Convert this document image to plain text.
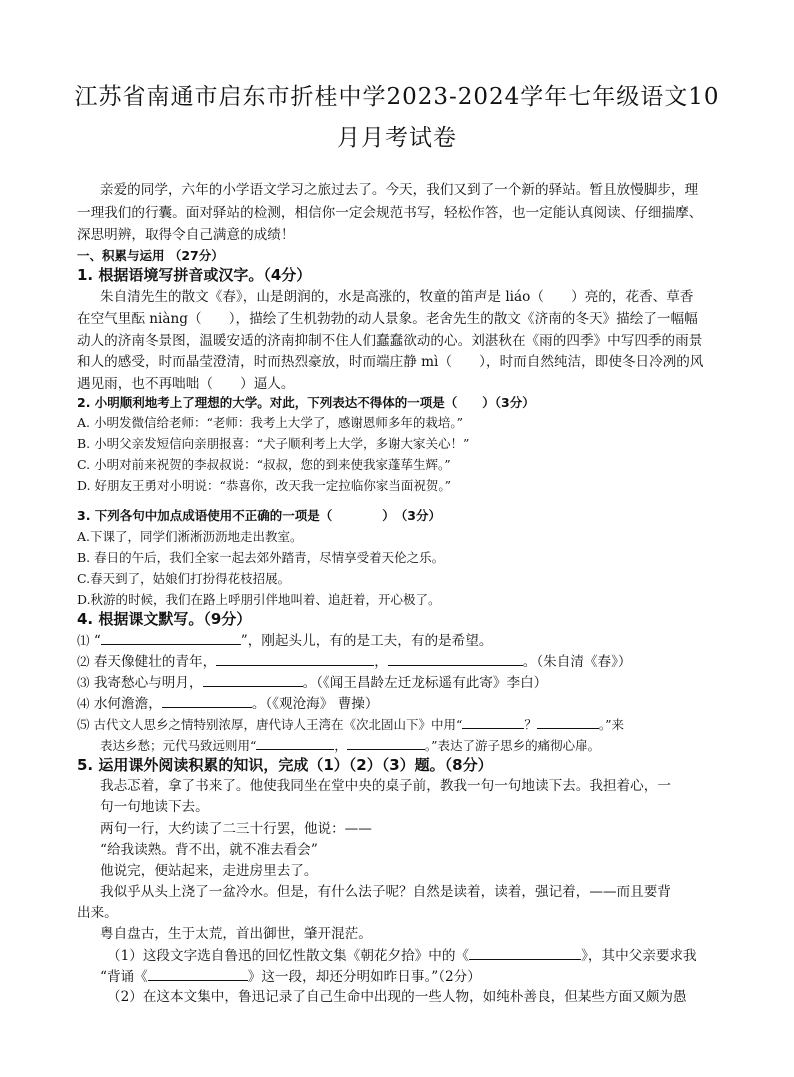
江苏省南通市启东市折桂中学2023-2024学年七年级语文10
月月考试卷
亲爱的同学，六年的小学语文学习之旅过去了。今天，我们又到了一个新的驿站。暂且放慢脚步，理
一理我们的行囊。面对驿站的检测，相信你一定会规范书写，轻松作答，也一定能认真阅读、仔细揣摩、
深思明辨，取得令自己满意的成绩！
一、积累与运用 （27分）
1. 根据语境写拼音或汉字。（4分）
朱自清先生的散文《春》，山是朗润的，水是高涨的，牧童的笛声是 liáo（　　）亮的，花香、草香
在空气里酝 niàng（　　），描绘了生机勃勃的动人景象。老舍先生的散文《济南的冬天》描绘了一幅幅
动人的济南冬景图，温暖安适的济南抑制不住人们蠢蠢欲动的心。刘湛秋在《雨的四季》中写四季的雨景
和人的感受，时而晶莹澄清，时而热烈豪放，时而端庄静 mì（　　），时而自然纯洁，即使冬日冷冽的风
遇见雨，也不再咄咄（　　）逼人。
2. 小明顺利地考上了理想的大学。对此，下列表达不得体的一项是（　　）（3分）
A. 小明发微信给老师：“老师：我考上大学了，感谢恩师多年的栽培。”
B. 小明父亲发短信向亲朋报喜：“犬子顺利考上大学，多谢大家关心！”
C. 小明对前来祝贺的李叔叔说：“叔叔，您的到来使我家蓬荜生辉。”
D. 好朋友王勇对小明说：“恭喜你，改天我一定拉临你家当面祝贺。”
3. 下列各句中加点成语使用不正确的一项是（　　　　）　（3分）
A.下课了，同学们淅淅沥沥地走出教室。
B. 春日的午后，我们全家一起去郊外踏青，尽情享受着天伦之乐。
C.春天到了，姑娘们打扮得花枝招展。
D.秋游的时候，我们在路上呼朋引伴地叫着、追赶着，开心极了。
4. 根据课文默写。（9分）
⑴ “	”，刚起头儿，有的是工夫，有的是希望。
⑵ 春天像健壮的青年，	，	。（朱自清《春》）
⑶ 我寄愁心与明月，	。（《闻王昌龄左迁龙标遥有此寄》李白）
⑷ 水何澹澹，	。（《观沧海》 曹操）
⑸ 古代文人思乡之情特别浓厚，唐代诗人王湾在《次北固山下》中用“	？	。”来
表达乡愁；元代马致远则用“	，	。”表达了游子思乡的痛彻心扉。
5. 运用课外阅读积累的知识，完成（1）（2）（3）题。（8分）
我忐忑着，拿了书来了。他使我同坐在堂中央的桌子前，教我一句一句地读下去。我担着心，一
句一句地读下去。
两句一行，大约读了二三十行罢，他说：——
“给我读熟。背不出，就不准去看会”
他说完，便站起来，走进房里去了。
我似乎从头上浇了一盆冷水。但是，有什么法子呢？自然是读着，读着，强记着，——而且要背
出来。
粤自盘古，生于太荒，首出御世，肇开混茫。
（1）这段文字选自鲁迅的回忆性散文集《朝花夕拾》中的《	》，其中父亲要求我
“背诵《	》这一段，却还分明如昨日事。”（2分）
（2）在这本文集中，鲁迅记录了自己生命中出现的一些人物，如纯朴善良，但某些方面又颇为愚
